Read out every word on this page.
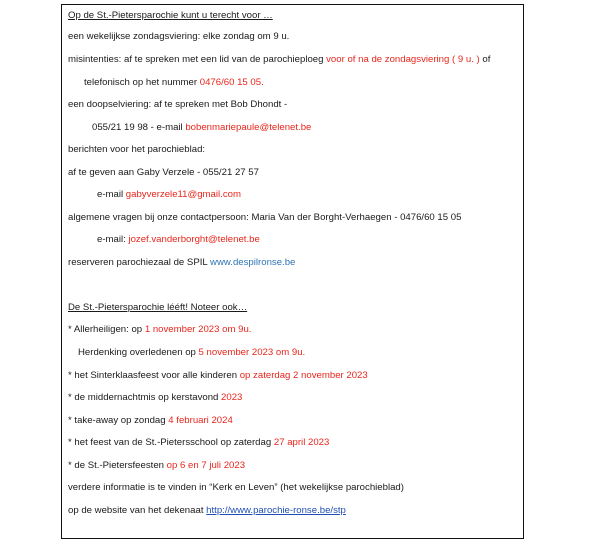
Op de St.-Pietersparochie kunt u terecht voor …
een wekelijkse zondagsviering: elke zondag om 9 u.
misintenties: af te spreken met een lid van de parochieploeg voor of na de zondagsviering ( 9 u. ) of
telefonisch op het nummer 0476/60 15 05.
een doopselviering: af te spreken met Bob Dhondt -
055/21 19 98 - e-mail bobenmariepaule@telenet.be
berichten voor het parochieblad:
af te geven aan Gaby Verzele - 055/21 27 57
e-mail gabyverzele11@gmail.com
algemene vragen bij onze contactpersoon: Maria Van der Borght-Verhaegen - 0476/60 15 05
e-mail: jozef.vanderborght@telenet.be
reserveren parochiezaal de SPIL www.despilronse.be
De St.-Pietersparochie lééft! Noteer ook…
* Allerheiligen: op 1 november 2023 om 9u.
Herdenking overledenen op 5 november 2023 om 9u.
* het Sinterklaasfeest voor alle kinderen op zaterdag 2 november 2023
* de middernachtmis op kerstavond 2023
* take-away op zondag 4 februari 2024
* het feest van de St.-Pietersschool op zaterdag 27 april 2023
* de St.-Pietersfeesten op 6 en 7 juli 2023
verdere informatie is te vinden in “Kerk en Leven” (het wekelijkse parochieblad)
op de website van het dekenaat http://www.parochie-ronse.be/stp
